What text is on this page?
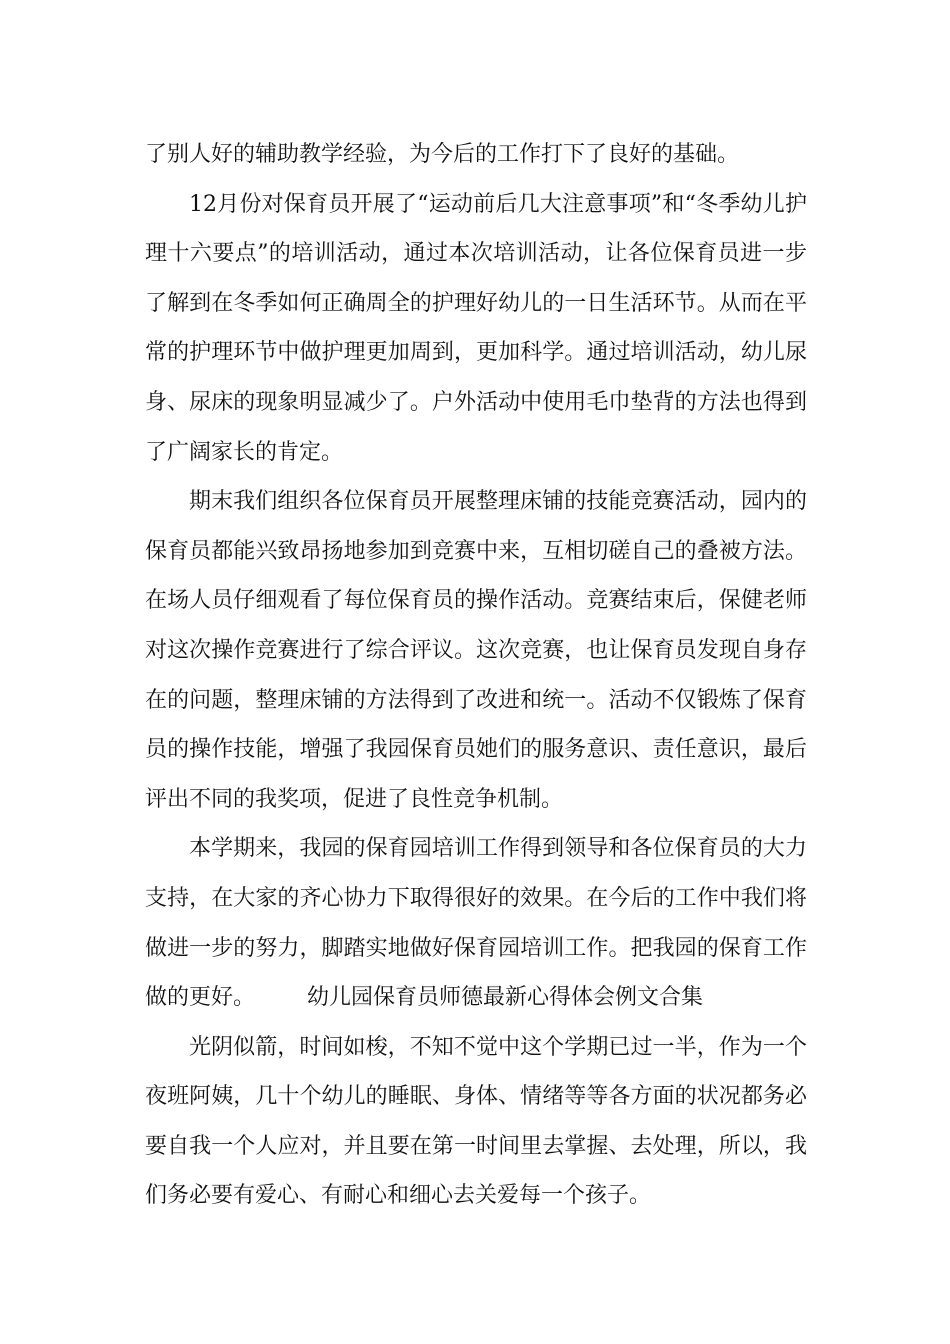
了别人好的辅助教学经验，为今后的工作打下了良好的基础。

12月份对保育员开展了“运动前后几大注意事项”和“冬季幼儿护理十六要点”的培训活动，通过本次培训活动，让各位保育员进一步了解到在冬季如何正确周全的护理好幼儿的一日生活环节。从而在平常的护理环节中做护理更加周到，更加科学。通过培训活动，幼儿尿身、尿床的现象明显减少了。户外活动中使用毛巾垫背的方法也得到了广阔家长的肯定。

期末我们组织各位保育员开展整理床铺的技能竞赛活动，园内的保育员都能兴致昂扬地参加到竞赛中来，互相切磋自己的叠被方法。在场人员仔细观看了每位保育员的操作活动。竞赛结束后，保健老师对这次操作竞赛进行了综合评议。这次竞赛，也让保育员发现自身存在的问题，整理床铺的方法得到了改进和统一。活动不仅锻炼了保育员的操作技能，增强了我园保育员她们的服务意识、责任意识，最后评出不同的我奖项，促进了良性竞争机制。

本学期来，我园的保育园培训工作得到领导和各位保育员的大力支持，在大家的齐心协力下取得很好的效果。在今后的工作中我们将做进一步的努力，脚踏实地做好保育园培训工作。把我园的保育工作做的更好。 幼儿园保育员师德最新心得体会例文合集

光阴似箭，时间如梭，不知不觉中这个学期已过一半，作为一个夜班阿姨，几十个幼儿的睡眠、身体、情绪等等各方面的状况都务必要自我一个人应对，并且要在第一时间里去掌握、去处理，所以，我们务必要有爱心、有耐心和细心去关爱每一个孩子。
